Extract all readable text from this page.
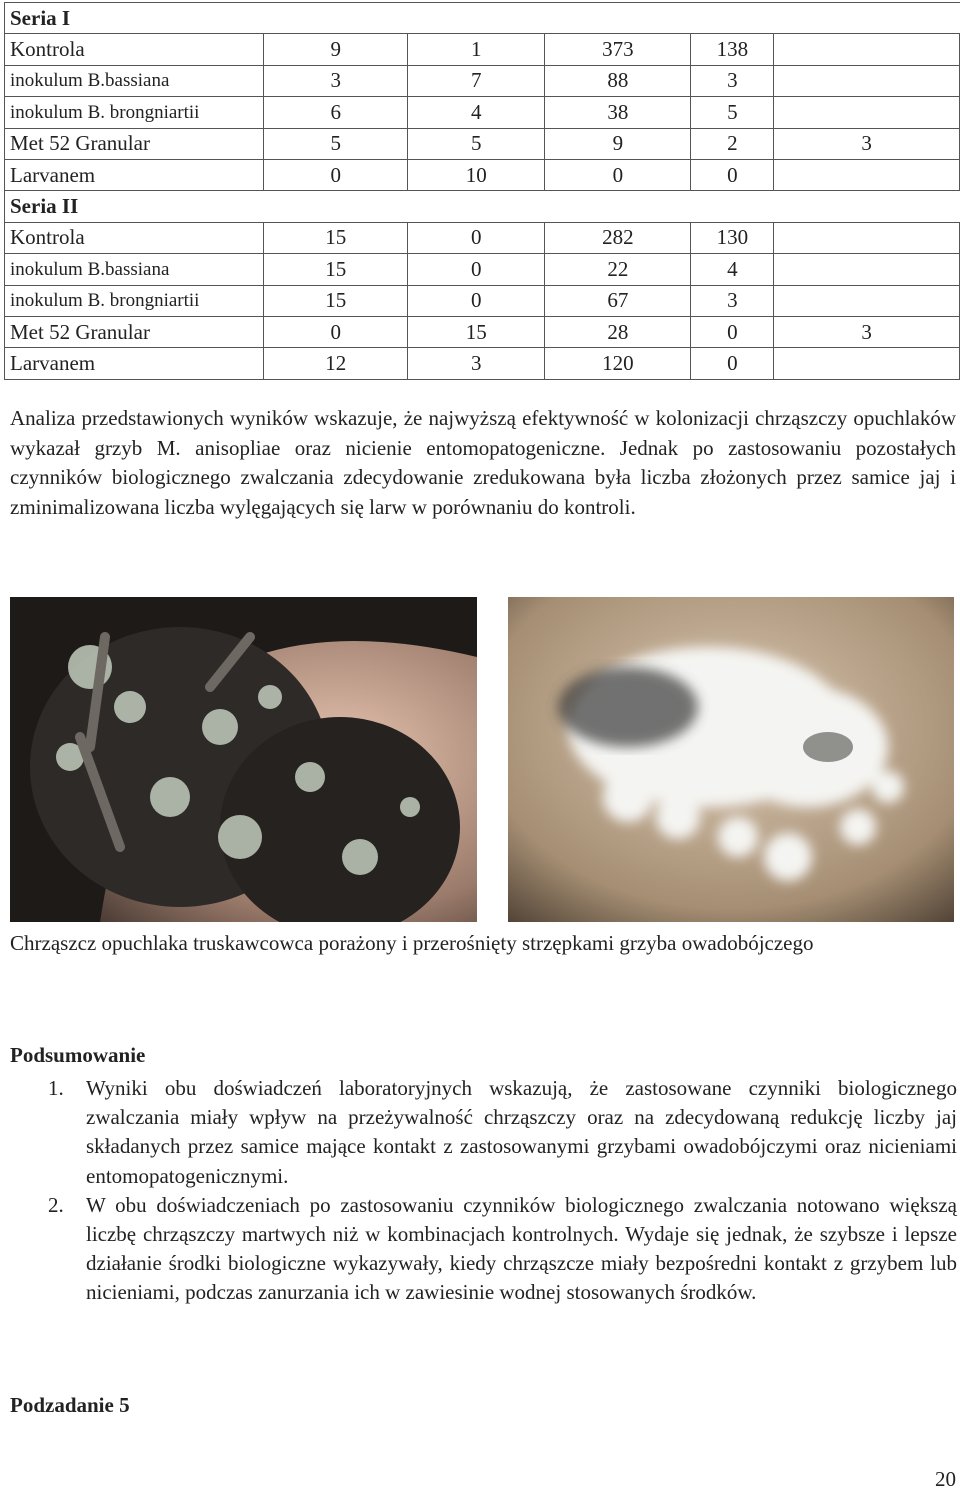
Seria I					
Kontrola	9	1	373	138	
inokulum B.bassiana	3	7	88	3	
inokulum B. brongniartii	6	4	38	5	
Met 52 Granular	5	5	9	2	3
Larvanem	0	10	0	0	
Seria II					
Kontrola	15	0	282	130	
inokulum B.bassiana	15	0	22	4	
inokulum B. brongniartii	15	0	67	3	
Met 52 Granular	0	15	28	0	3
Larvanem	12	3	120	0	

Analiza przedstawionych wyników wskazuje, że najwyższą efektywność w kolonizacji chrząszczy opuchlaków wykazał grzyb M. anisopliae oraz nicienie entomopatogeniczne. Jednak po zastosowaniu pozostałych czynników biologicznego zwalczania zdecydowanie zredukowana była liczba złożonych przez samice jaj i zminimalizowana liczba wylęgających się larw w porównaniu do kontroli.

Chrząszcz opuchlaka truskawcowca porażony i przerośnięty strzępkami grzyba owadobójczego

Podsumowanie
1. Wyniki obu doświadczeń laboratoryjnych wskazują, że zastosowane czynniki biologicznego zwalczania miały wpływ na przeżywalność chrząszczy oraz na zdecydowaną redukcję liczby jaj składanych przez samice mające kontakt z zastosowanymi grzybami owadobójczymi oraz nicieniami entomopatogenicznymi.
2. W obu doświadczeniach po zastosowaniu czynników biologicznego zwalczania notowano większą liczbę chrząszczy martwych niż w kombinacjach kontrolnych. Wydaje się jednak, że szybsze i lepsze działanie środki biologiczne wykazywały, kiedy chrząszcze miały bezpośredni kontakt z grzybem lub nicieniami, podczas zanurzania ich w zawiesinie wodnej stosowanych środków.
Podzadanie 5
20
